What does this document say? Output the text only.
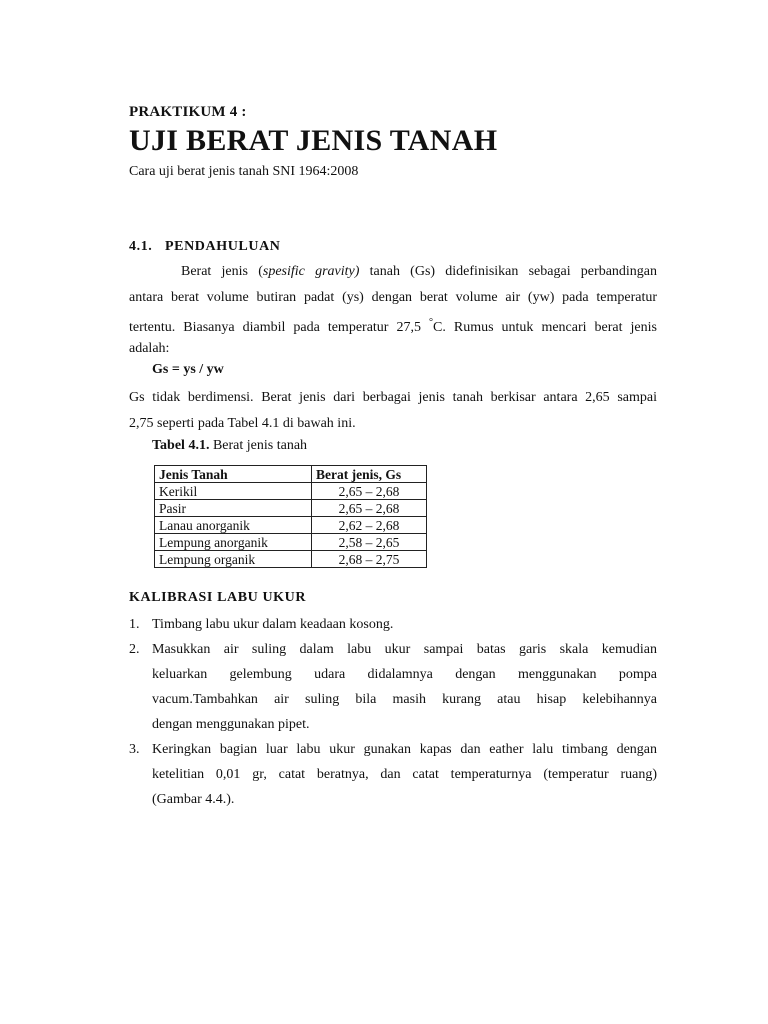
PRAKTIKUM 4 :
UJI BERAT JENIS TANAH
Cara uji berat jenis tanah SNI 1964:2008
4.1. PENDAHULUAN
Berat jenis (spesific gravity) tanah (Gs) didefinisikan sebagai perbandingan
antara berat volume butiran padat (ys) dengan berat volume air (yw) pada temperatur
tertentu. Biasanya diambil pada temperatur 27,5 °C. Rumus untuk mencari berat jenis
adalah:
Gs = ys / yw
Gs tidak berdimensi. Berat jenis dari berbagai jenis tanah berkisar antara 2,65 sampai
2,75 seperti pada Tabel 4.1 di bawah ini.
Tabel 4.1. Berat jenis tanah
Jenis Tanah	Berat jenis, Gs
Kerikil	2,65 – 2,68
Pasir	2,65 – 2,68
Lanau anorganik	2,62 – 2,68
Lempung anorganik	2,58 – 2,65
Lempung organik	2,68 – 2,75
KALIBRASI LABU UKUR
1. Timbang labu ukur dalam keadaan kosong.
2. Masukkan air suling dalam labu ukur sampai batas garis skala kemudian
keluarkan gelembung udara didalamnya dengan menggunakan pompa
vacum.Tambahkan air suling bila masih kurang atau hisap kelebihannya
dengan menggunakan pipet.
3. Keringkan bagian luar labu ukur gunakan kapas dan eather lalu timbang dengan
ketelitian 0,01 gr, catat beratnya, dan catat temperaturnya (temperatur ruang)
(Gambar 4.4.).
